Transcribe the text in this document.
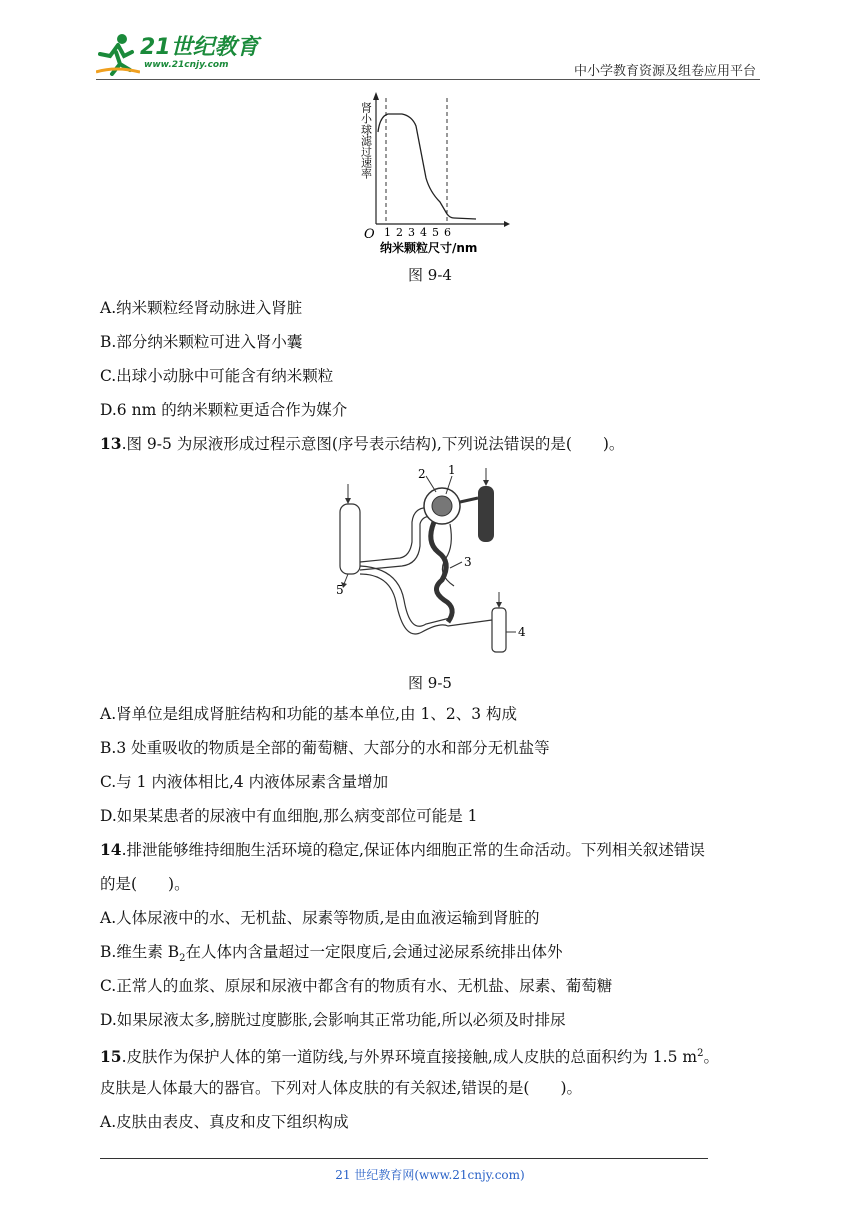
21世纪教育
www.21cnjy.com	中小学教育资源及组卷应用平台
肾小球滤过速率
O 1 2 3 4 5 6
纳米颗粒尺寸/nm
图 9-4
A.纳米颗粒经肾动脉进入肾脏
B.部分纳米颗粒可进入肾小囊
C.出球小动脉中可能含有纳米颗粒
D.6 nm 的纳米颗粒更适合作为媒介
13.图 9-5 为尿液形成过程示意图(序号表示结构),下列说法错误的是(　　)。
5
2 1
3
4
图 9-5
A.肾单位是组成肾脏结构和功能的基本单位,由 1、2、3 构成
B.3 处重吸收的物质是全部的葡萄糖、大部分的水和部分无机盐等
C.与 1 内液体相比,4 内液体尿素含量增加
D.如果某患者的尿液中有血细胞,那么病变部位可能是 1
14.排泄能够维持细胞生活环境的稳定,保证体内细胞正常的生命活动。下列相关叙述错误
的是(　　)。
A.人体尿液中的水、无机盐、尿素等物质,是由血液运输到肾脏的
B.维生素 $B_2$在人体内含量超过一定限度后,会通过泌尿系统排出体外
C.正常人的血浆、原尿和尿液中都含有的物质有水、无机盐、尿素、葡萄糖
D.如果尿液太多,膀胱过度膨胀,会影响其正常功能,所以必须及时排尿
15.皮肤作为保护人体的第一道防线,与外界环境直接接触,成人皮肤的总面积约为 1.5 $m^2$。
皮肤是人体最大的器官。下列对人体皮肤的有关叙述,错误的是(　　)。
A.皮肤由表皮、真皮和皮下组织构成
21 世纪教育网(www.21cnjy.com)
